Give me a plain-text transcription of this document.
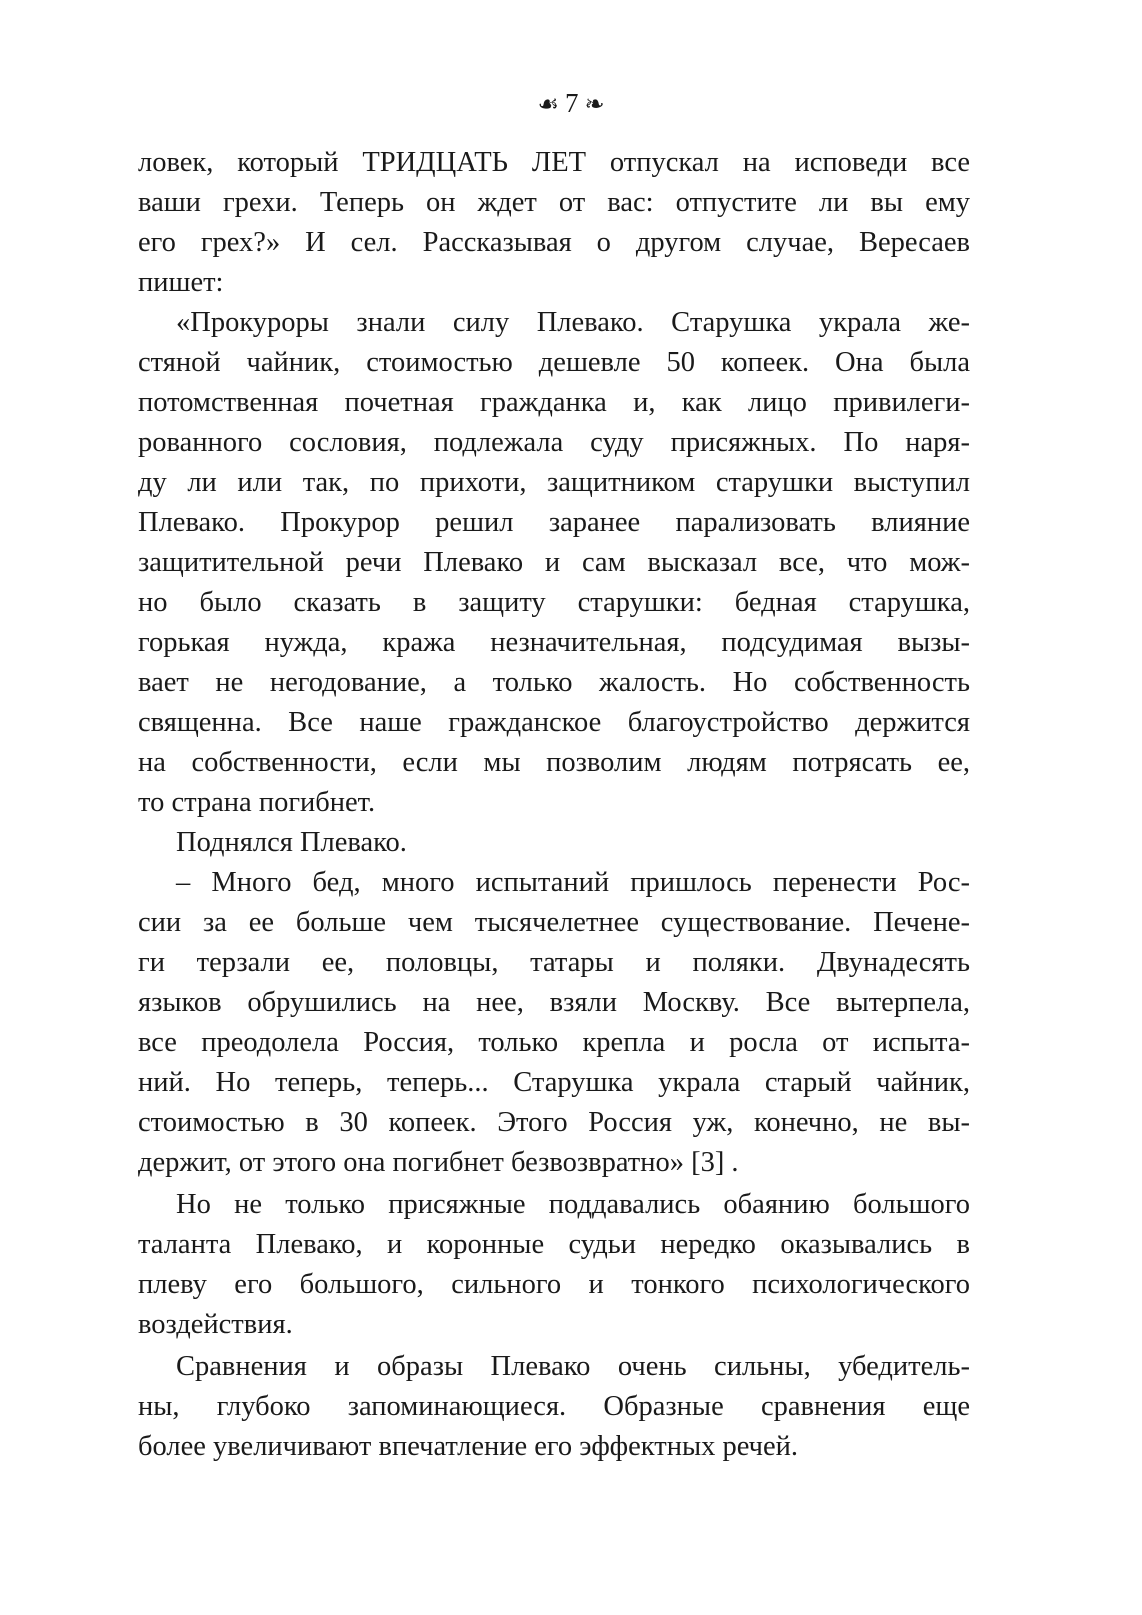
☙ 7 ❧
ловек, который ТРИДЦАТЬ ЛЕТ отпускал на исповеди все
ваши грехи. Теперь он ждет от вас: отпустите ли вы ему
его грех?» И сел. Рассказывая о другом случае, Вересаев
пишет:
«Прокуроры знали силу Плевако. Старушка украла же-
стяной чайник, стоимостью дешевле 50 копеек. Она была
потомственная почетная гражданка и, как лицо привилеги-
рованного сословия, подлежала суду присяжных. По наря-
ду ли или так, по прихоти, защитником старушки выступил
Плевако. Прокурор решил заранее парализовать влияние
защитительной речи Плевако и сам высказал все, что мож-
но было сказать в защиту старушки: бедная старушка,
горькая нужда, кража незначительная, подсудимая вызы-
вает не негодование, а только жалость. Но собственность
священна. Все наше гражданское благоустройство держится
на собственности, если мы позволим людям потрясать ее,
то страна погибнет.
Поднялся Плевако.
– Много бед, много испытаний пришлось перенести Рос-
сии за ее больше чем тысячелетнее существование. Печене-
ги терзали ее, половцы, татары и поляки. Двунадесять
языков обрушились на нее, взяли Москву. Все вытерпела,
все преодолела Россия, только крепла и росла от испыта-
ний. Но теперь, теперь... Старушка украла старый чайник,
стоимостью в 30 копеек. Этого Россия уж, конечно, не вы-
держит, от этого она погибнет безвозвратно» [3] .
Но не только присяжные поддавались обаянию большого
таланта Плевако, и коронные судьи нередко оказывались в
плеву его большого, сильного и тонкого психологического
воздействия.
Сравнения и образы Плевако очень сильны, убедитель-
ны, глубоко запоминающиеся. Образные сравнения еще
более увеличивают впечатление его эффектных речей.
